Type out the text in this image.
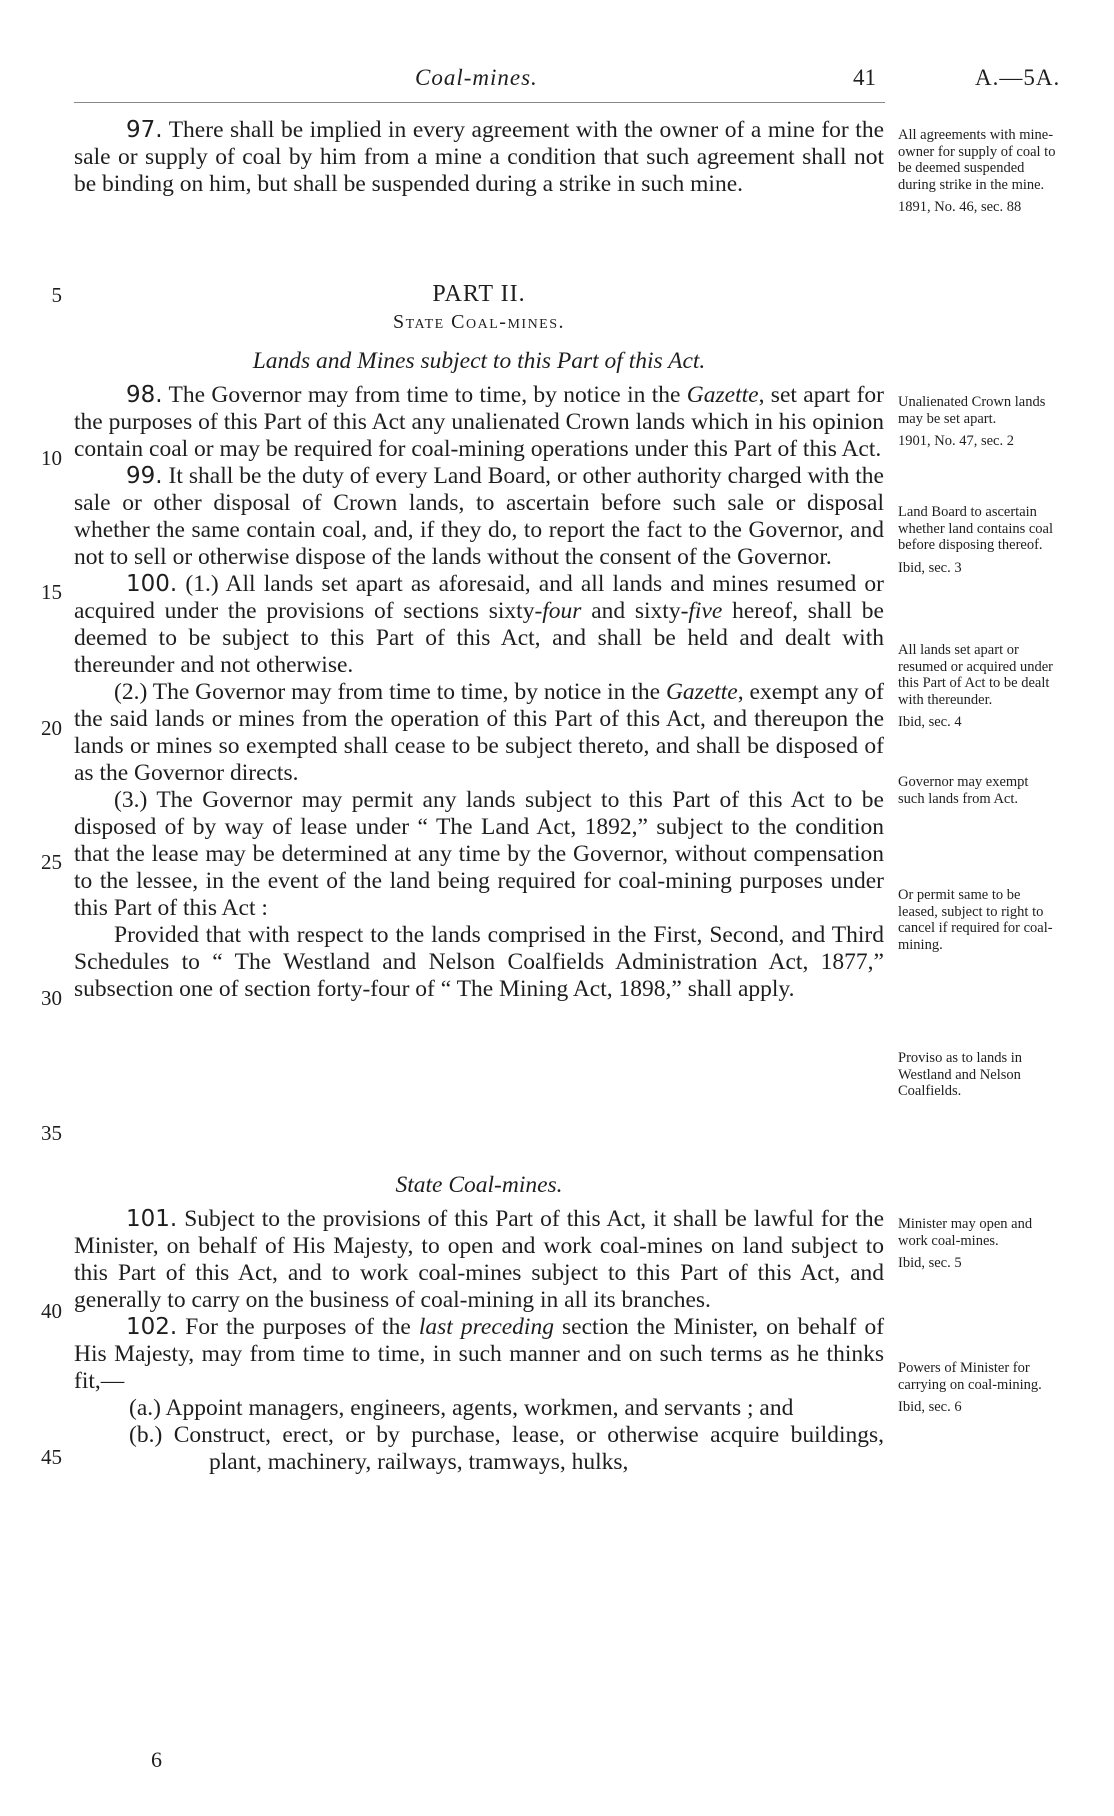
Coal-mines.	41	A.—5A.

97. There shall be implied in every agreement with the owner of a mine for the sale or supply of coal by him from a mine a condition that such agreement shall not be binding on him, but shall be suspended during a strike in such mine.

PART II.
State Coal-mines.
Lands and Mines subject to this Part of this Act.

98. The Governor may from time to time, by notice in the Gazette, set apart for the purposes of this Part of this Act any unalienated Crown lands which in his opinion contain coal or may be required for coal-mining operations under this Part of this Act.

99. It shall be the duty of every Land Board, or other authority charged with the sale or other disposal of Crown lands, to ascertain before such sale or disposal whether the same contain coal, and, if they do, to report the fact to the Governor, and not to sell or otherwise dispose of the lands without the consent of the Governor.

100. (1.) All lands set apart as aforesaid, and all lands and mines resumed or acquired under the provisions of sections sixty-four and sixty-five hereof, shall be deemed to be subject to this Part of this Act, and shall be held and dealt with thereunder and not otherwise.

(2.) The Governor may from time to time, by notice in the Gazette, exempt any of the said lands or mines from the operation of this Part of this Act, and thereupon the lands or mines so exempted shall cease to be subject thereto, and shall be disposed of as the Governor directs.

(3.) The Governor may permit any lands subject to this Part of this Act to be disposed of by way of lease under “ The Land Act, 1892,” subject to the condition that the lease may be determined at any time by the Governor, without compensation to the lessee, in the event of the land being required for coal-mining purposes under this Part of this Act :

Provided that with respect to the lands comprised in the First, Second, and Third Schedules to “ The Westland and Nelson Coalfields Administration Act, 1877,” subsection one of section forty-four of “ The Mining Act, 1898,” shall apply.

State Coal-mines.

101. Subject to the provisions of this Part of this Act, it shall be lawful for the Minister, on behalf of His Majesty, to open and work coal-mines on land subject to this Part of this Act, and to work coal-mines subject to this Part of this Act, and generally to carry on the business of coal-mining in all its branches.

102. For the purposes of the last preceding section the Minister, on behalf of His Majesty, may from time to time, in such manner and on such terms as he thinks fit,—

(a.) Appoint managers, engineers, agents, workmen, and servants ; and

(b.) Construct, erect, or by purchase, lease, or otherwise acquire buildings, plant, machinery, railways, tramways, hulks,

6
5
10
15
20
25
30
35
40
45
All agreements with mine-owner for supply of coal to be deemed suspended during strike in the mine.
1891, No. 46, sec. 88
Unalienated Crown lands may be set apart.
1901, No. 47, sec. 2
Land Board to ascertain whether land contains coal before disposing thereof.
Ibid, sec. 3
All lands set apart or resumed or acquired under this Part of Act to be dealt with thereunder.
Ibid, sec. 4
Governor may exempt such lands from Act.
Or permit same to be leased, subject to right to cancel if required for coal-mining.
Proviso as to lands in Westland and Nelson Coalfields.
Minister may open and work coal-mines.
Ibid, sec. 5
Powers of Minister for carrying on coal-mining.
Ibid, sec. 6
